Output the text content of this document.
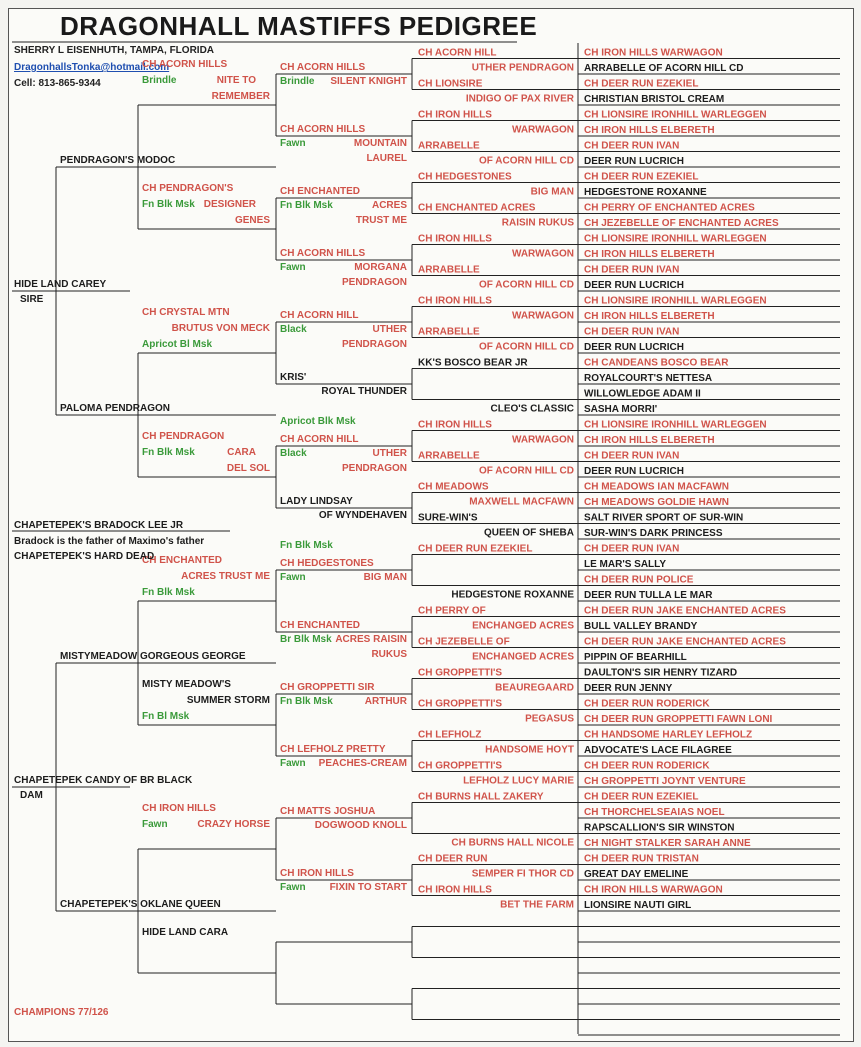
DRAGONHALL MASTIFFS PEDIGREE
SHERRY L EISENHUTH, TAMPA, FLORIDA
DragonhallsTonka@hotmail.com
Cell: 813-865-9344
CHAMPIONS 77/126
CH IRON HILLS WARWAGON
ARRABELLE OF ACORN HILL CD
CH DEER RUN EZEKIEL
CHRISTIAN BRISTOL CREAM
CH LIONSIRE IRONHILL WARLEGGEN
CH IRON HILLS ELBERETH
CH DEER RUN IVAN
DEER RUN LUCRICH
CH DEER RUN EZEKIEL
HEDGESTONE ROXANNE
CH PERRY OF ENCHANTED ACRES
CH JEZEBELLE OF ENCHANTED ACRES
CH LIONSIRE IRONHILL WARLEGGEN
CH IRON HILLS ELBERETH
CH DEER RUN IVAN
DEER RUN LUCRICH
CH LIONSIRE IRONHILL WARLEGGEN
CH IRON HILLS ELBERETH
CH DEER RUN IVAN
DEER RUN LUCRICH
CH CANDEANS BOSCO BEAR
ROYALCOURT'S NETTESA
WILLOWLEDGE ADAM II
SASHA MORRI'
CH LIONSIRE IRONHILL WARLEGGEN
CH IRON HILLS ELBERETH
CH DEER RUN IVAN
DEER RUN LUCRICH
CH MEADOWS IAN MACFAWN
CH MEADOWS GOLDIE HAWN
SALT RIVER SPORT OF SUR-WIN
SUR-WIN'S DARK PRINCESS
CH DEER RUN IVAN
LE MAR'S SALLY
CH DEER RUN POLICE
DEER RUN TULLA LE MAR
CH DEER RUN JAKE ENCHANTED ACRES
BULL VALLEY BRANDY
CH DEER RUN JAKE ENCHANTED ACRES
PIPPIN OF BEARHILL
DAULTON'S SIR HENRY TIZARD
DEER RUN JENNY
CH DEER RUN RODERICK
CH DEER RUN GROPPETTI FAWN LONI
CH HANDSOME HARLEY LEFHOLZ
ADVOCATE'S LACE FILAGREE
CH DEER RUN RODERICK
CH GROPPETTI JOYNT VENTURE
CH DEER RUN EZEKIEL
CH THORCHELSEAIAS NOEL
RAPSCALLION'S SIR WINSTON
CH NIGHT STALKER SARAH ANNE
CH DEER RUN TRISTAN
GREAT DAY EMELINE
CH IRON HILLS WARWAGON
LIONSIRE NAUTI GIRL
CH ACORN HILL
UTHER PENDRAGON
CH LIONSIRE
INDIGO OF PAX RIVER
CH IRON HILLS
WARWAGON
ARRABELLE
OF ACORN HILL CD
CH HEDGESTONES
BIG MAN
CH ENCHANTED ACRES
RAISIN RUKUS
CH IRON HILLS
WARWAGON
ARRABELLE
OF ACORN HILL CD
CH IRON HILLS
WARWAGON
ARRABELLE
OF ACORN HILL CD
KK'S BOSCO BEAR JR
CLEO'S CLASSIC
CH IRON HILLS
WARWAGON
ARRABELLE
OF ACORN HILL CD
CH MEADOWS
MAXWELL MACFAWN
SURE-WIN'S
QUEEN OF SHEBA
CH DEER RUN EZEKIEL
HEDGESTONE ROXANNE
CH PERRY OF
ENCHANGED ACRES
CH JEZEBELLE OF
ENCHANGED ACRES
CH GROPPETTI'S
BEAUREGAARD
CH GROPPETTI'S
PEGASUS
CH LEFHOLZ
HANDSOME HOYT
CH GROPPETTI'S
LEFHOLZ LUCY MARIE
CH BURNS HALL ZAKERY
CH BURNS HALL NICOLE
CH DEER RUN
SEMPER FI THOR CD
CH IRON HILLS
BET THE FARM
CH ACORN HILLS
Brindle SILENT KNIGHT
CH ACORN HILLS
Fawn	MOUNTAIN
LAUREL
CH ENCHANTED
Fn Blk Msk	ACRES
TRUST ME
CH ACORN HILLS
Fawn	MORGANA
PENDRAGON
CH ACORN HILL
Black	UTHER
PENDRAGON
KRIS'
ROYAL THUNDER
Apricot Blk Msk
CH ACORN HILL
Black	UTHER
PENDRAGON
LADY LINDSAY
OF WYNDEHAVEN
Fn Blk Msk
CH HEDGESTONES
Fawn	BIG MAN
CH ENCHANTED
Br Blk Msk ACRES RAISIN
RUKUS
CH GROPPETTI SIR
Fn Blk Msk	ARTHUR
CH LEFHOLZ PRETTY
Fawn PEACHES-CREAM
CH MATTS JOSHUA
DOGWOOD KNOLL
CH IRON HILLS
Fawn FIXIN TO START
CH ACORN HILLS
Brindle	NITE TO
REMEMBER
CH PENDRAGON'S
Fn Blk Msk DESIGNER
GENES
CH CRYSTAL MTN
BRUTUS VON MECK
Apricot Bl Msk
CH PENDRAGON
Fn Blk Msk	CARA
DEL SOL
CH ENCHANTED
ACRES TRUST ME
Fn Blk Msk
MISTY MEADOW'S
SUMMER STORM
Fn Bl Msk
CH IRON HILLS
Fawn	CRAZY HORSE
HIDE LAND CARA
PENDRAGON'S MODOC
PALOMA PENDRAGON
MISTYMEADOW GORGEOUS GEORGE
CHAPETEPEK'S OKLANE QUEEN
HIDE LAND CAREY
SIRE
CHAPETEPEK CANDY OF BR BLACK
DAM
CHAPETEPEK'S BRADOCK LEE JR
Bradock is the father of Maximo's father
CHAPETEPEK'S HARD DEAD
